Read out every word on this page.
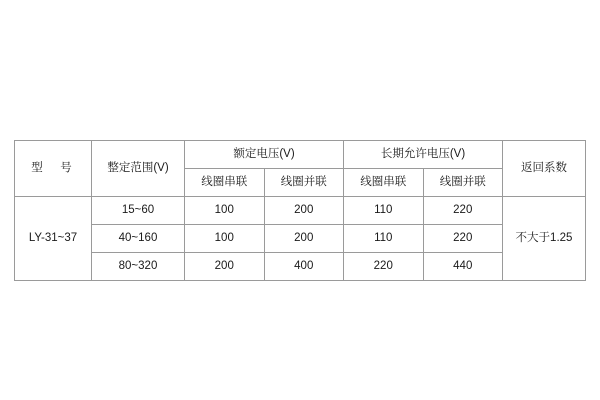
型　号	整定范围(V)	额定电压(V)		长期允许电压(V)		返回系数
		线圈串联	线圈并联	线圈串联	线圈并联	
LY-31~37	15~60	100	200	110	220	不大于1.25
	40~160	100	200	110	220	
	80~320	200	400	220	440	
